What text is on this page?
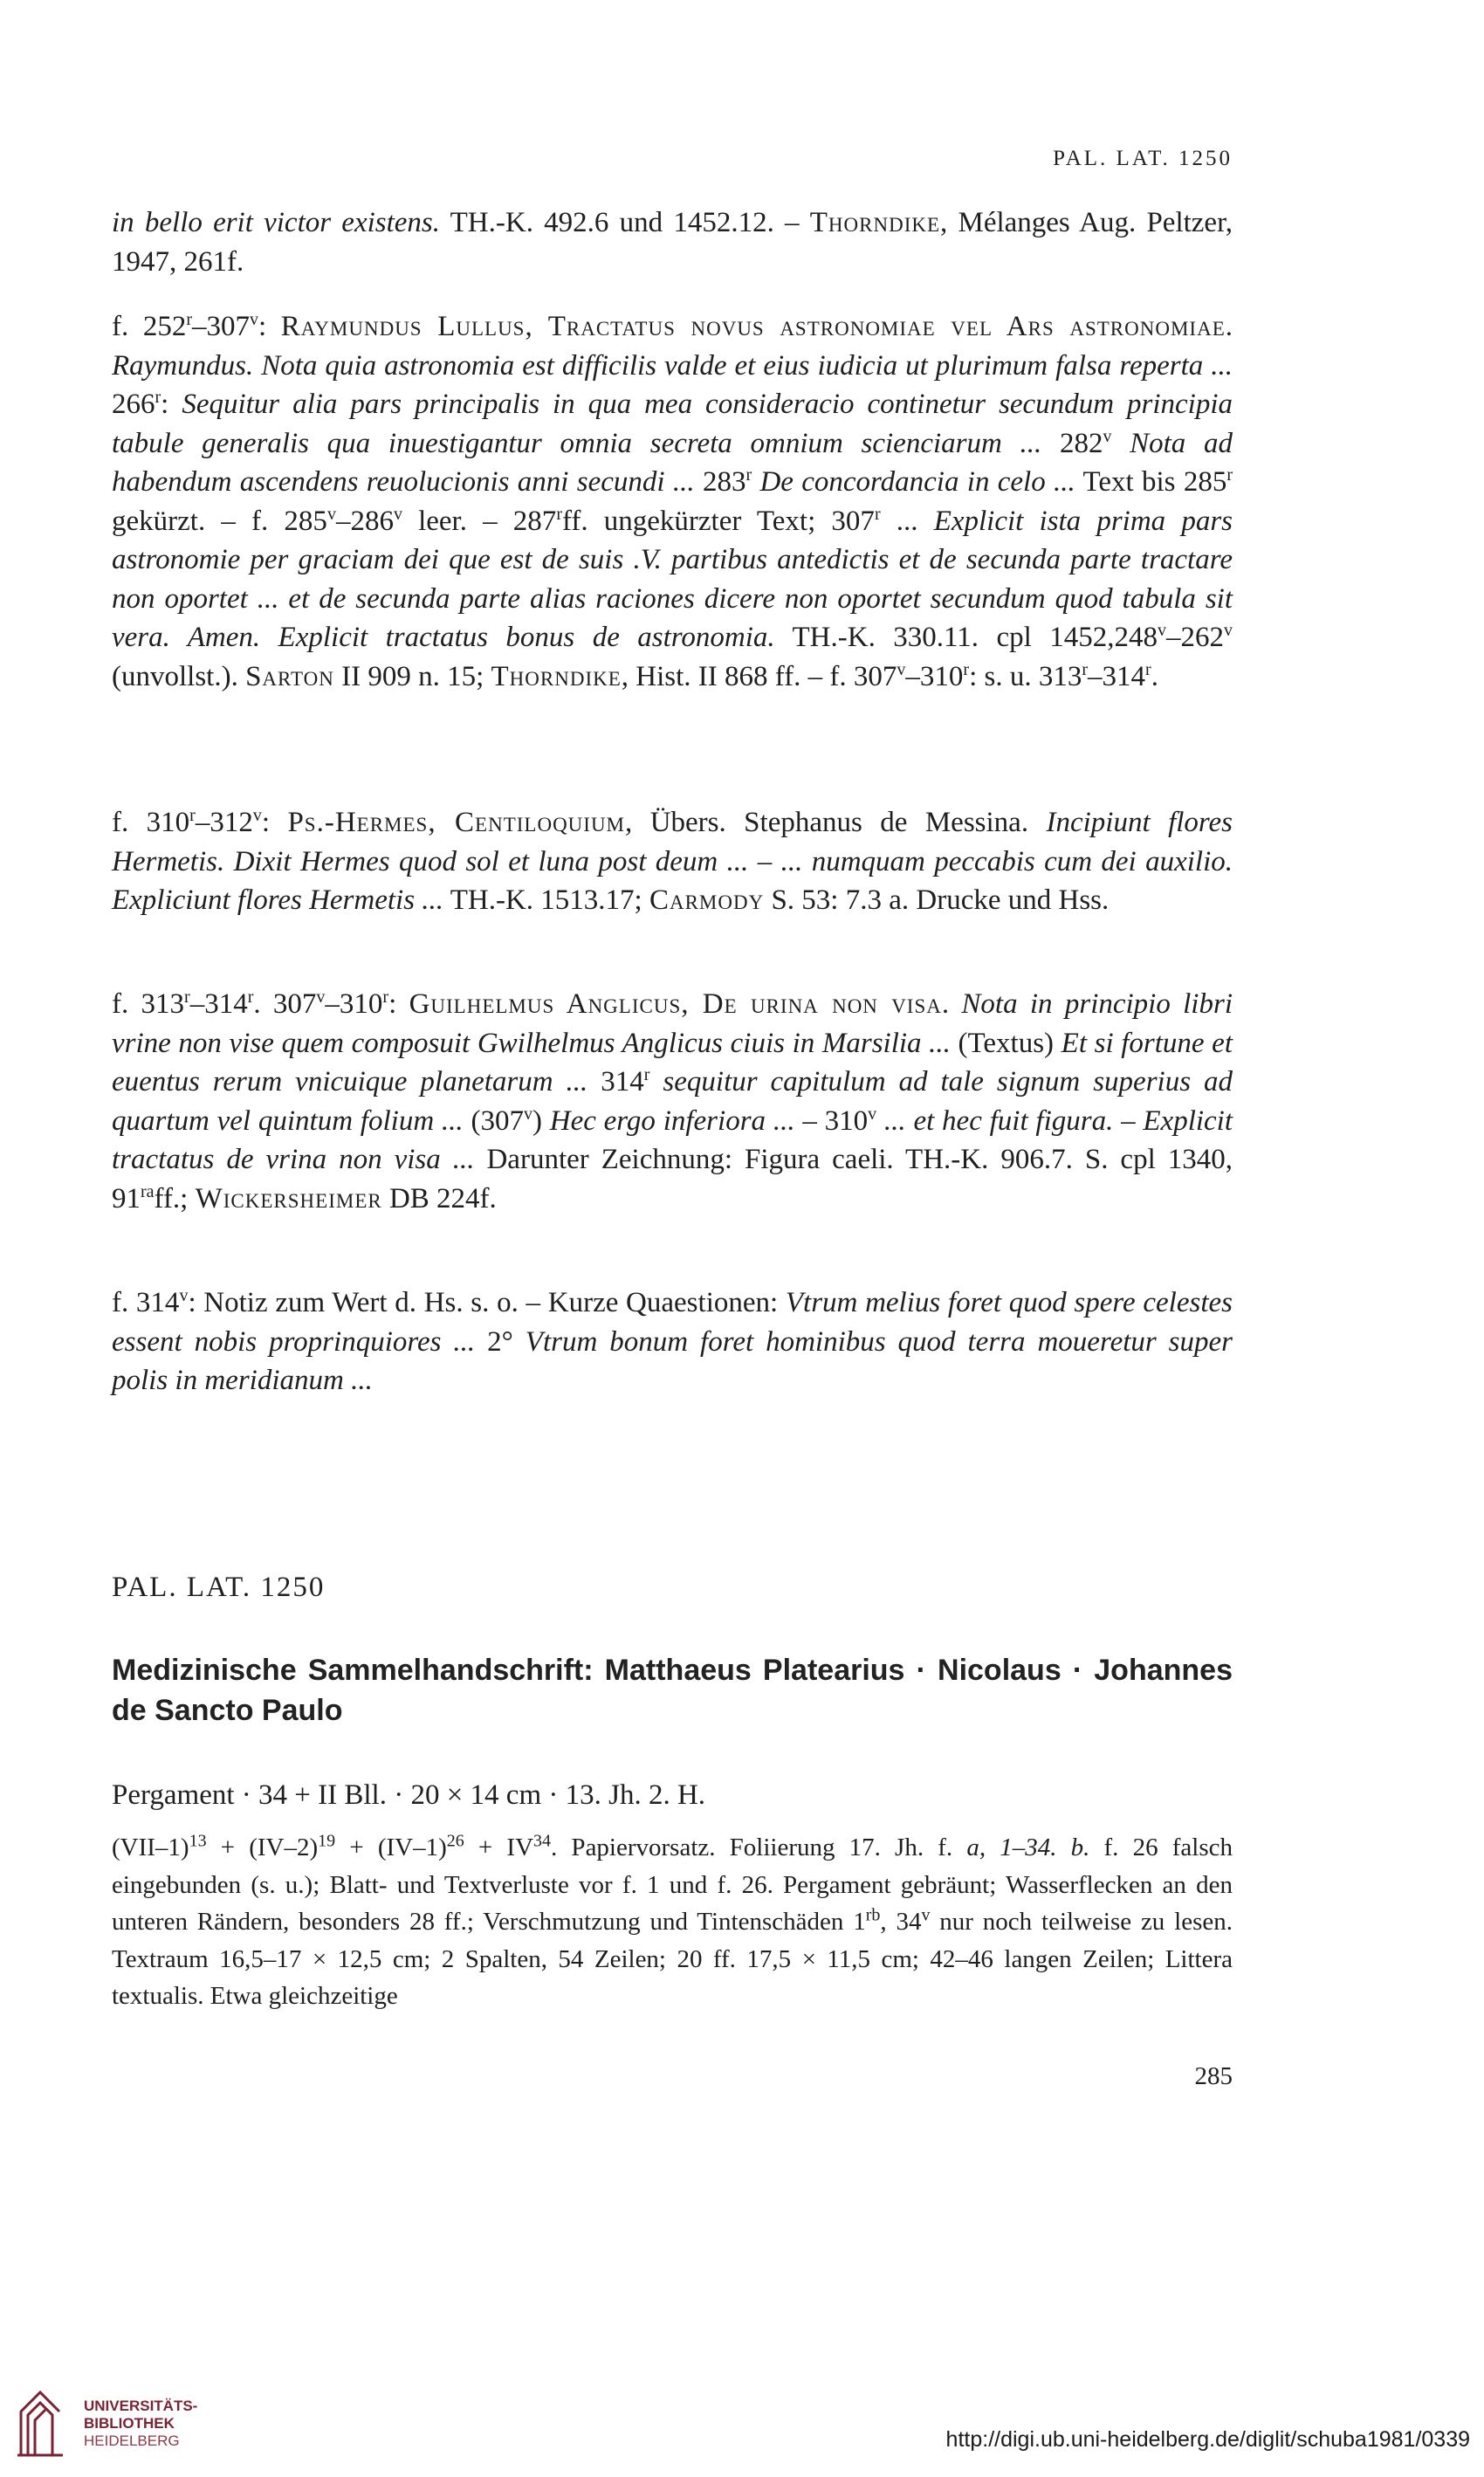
PAL. LAT. 1250

in bello erit victor existens. TH.-K. 492.6 und 1452.12. – Thorndike, Mélanges Aug. Peltzer, 1947, 261f.

f. 252$^r$–307$^v$: Raymundus Lullus, Tractatus novus astronomiae vel Ars astronomiae. Raymundus. Nota quia astronomia est difficilis valde et eius iudicia ut plurimum falsa reperta ... 266$^r$: Sequitur alia pars principalis in qua mea consideracio continetur secundum principia tabule generalis qua inuestigantur omnia secreta omnium scienciarum ... 282$^v$ Nota ad habendum ascendens reuolucionis anni secundi ... 283$^r$ De concordancia in celo ... Text bis 285$^r$ gekürzt. – f. 285$^v$–286$^v$ leer. – 287$^r$ff. ungekürzter Text; 307$^r$ ... Explicit ista prima pars astronomie per graciam dei que est de suis .V. partibus antedictis et de secunda parte tractare non oportet ... et de secunda parte alias raciones dicere non oportet secundum quod tabula sit vera. Amen. Explicit tractatus bonus de astronomia. TH.-K. 330.11. cpl 1452,248$^v$–262$^v$ (unvollst.). Sarton II 909 n. 15; Thorndike, Hist. II 868 ff. – f. 307$^v$–310$^r$: s. u. 313$^r$–314$^r$.

f. 310$^r$–312$^v$: Ps.-Hermes, Centiloquium, Übers. Stephanus de Messina. Incipiunt flores Hermetis. Dixit Hermes quod sol et luna post deum ... – ... numquam peccabis cum dei auxilio. Expliciunt flores Hermetis ... TH.-K. 1513.17; Carmody S. 53: 7.3 a. Drucke und Hss.

f. 313$^r$–314$^r$. 307$^v$–310$^r$: Guilhelmus Anglicus, De urina non visa. Nota in principio libri vrine non vise quem composuit Gwilhelmus Anglicus ciuis in Marsilia ... (Textus) Et si fortune et euentus rerum vnicuique planetarum ... 314$^r$ sequitur capitulum ad tale signum superius ad quartum vel quintum folium ... (307$^v$) Hec ergo inferiora ... – 310$^v$ ... et hec fuit figura. – Explicit tractatus de vrina non visa ... Darunter Zeichnung: Figura caeli. TH.-K. 906.7. S. cpl 1340, $91^{ra}ff$.; Wickersheimer DB 224f.

f. 314$^v$: Notiz zum Wert d. Hs. s. o. – Kurze Quaestionen: Vtrum melius foret quod spere celestes essent nobis proprinquiores ... 2° Vtrum bonum foret hominibus quod terra moueretur super polis in meridianum ...

PAL. LAT. 1250
Medizinische Sammelhandschrift: Matthaeus Platearius · Nicolaus · Johannes de Sancto Paulo
Pergament · 34 + II Bll. · 20 × 14 cm · 13. Jh. 2. H.

$(VII-1)^{13} + (IV-2)^{19} + (IV-1)^{26} + IV^{34}$. Papiervorsatz. Foliierung 17. Jh. f. a, 1–34. b. f. 26 falsch eingebunden (s. u.); Blatt- und Textverluste vor f. 1 und f. 26. Pergament gebräunt; Wasserflecken an den unteren Rändern, besonders 28 ff.; Verschmutzung und Tintenschäden $1^{rb}$, 34$^v$ nur noch teilweise zu lesen. Textraum 16,5–17 × 12,5 cm; 2 Spalten, 54 Zeilen; 20 ff. 17,5 × 11,5 cm; 42–46 langen Zeilen; Littera textualis. Etwa gleichzeitige

285
UNIVERSITÄTS-
BIBLIOTHEK
HEIDELBERG	http://digi.ub.uni-heidelberg.de/diglit/schuba1981/0339
